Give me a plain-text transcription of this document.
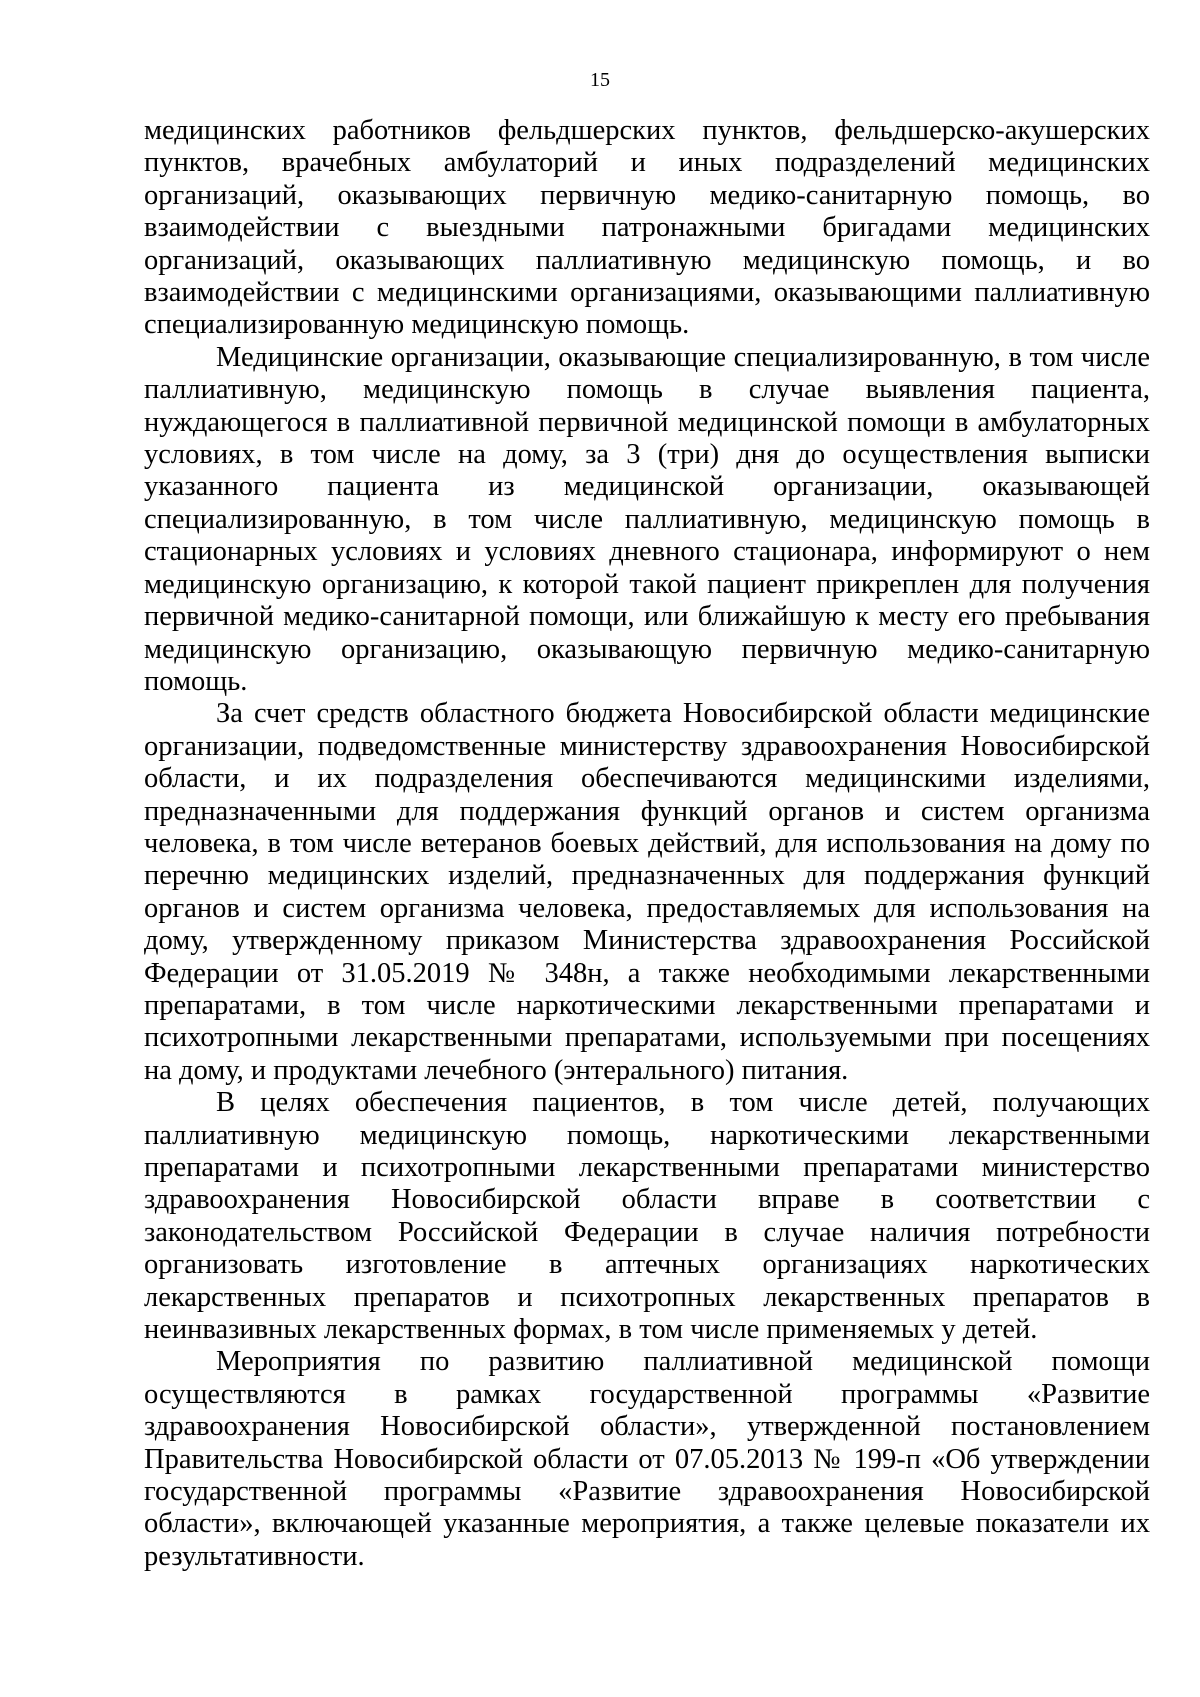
15

медицинских работников фельдшерских пунктов, фельдшерско-акушерских пунктов, врачебных амбулаторий и иных подразделений медицинских организаций, оказывающих первичную медико-санитарную помощь, во взаимодействии с выездными патронажными бригадами медицинских организаций, оказывающих паллиативную медицинскую помощь, и во взаимодействии с медицинскими организациями, оказывающими паллиативную специализированную медицинскую помощь.

Медицинские организации, оказывающие специализированную, в том числе паллиативную, медицинскую помощь в случае выявления пациента, нуждающегося в паллиативной первичной медицинской помощи в амбулаторных условиях, в том числе на дому, за 3 (три) дня до осуществления выписки указанного пациента из медицинской организации, оказывающей специализированную, в том числе паллиативную, медицинскую помощь в стационарных условиях и условиях дневного стационара, информируют о нем медицинскую организацию, к которой такой пациент прикреплен для получения первичной медико-санитарной помощи, или ближайшую к месту его пребывания медицинскую организацию, оказывающую первичную медико-санитарную помощь.

За счет средств областного бюджета Новосибирской области медицинские организации, подведомственные министерству здравоохранения Новосибирской области, и их подразделения обеспечиваются медицинскими изделиями, предназначенными для поддержания функций органов и систем организма человека, в том числе ветеранов боевых действий, для использования на дому по перечню медицинских изделий, предназначенных для поддержания функций органов и систем организма человека, предоставляемых для использования на дому, утвержденному приказом Министерства здравоохранения Российской Федерации от 31.05.2019 № 348н, а также необходимыми лекарственными препаратами, в том числе наркотическими лекарственными препаратами и психотропными лекарственными препаратами, используемыми при посещениях на дому, и продуктами лечебного (энтерального) питания.

В целях обеспечения пациентов, в том числе детей, получающих паллиативную медицинскую помощь, наркотическими лекарственными препаратами и психотропными лекарственными препаратами министерство здравоохранения Новосибирской области вправе в соответствии с законодательством Российской Федерации в случае наличия потребности организовать изготовление в аптечных организациях наркотических лекарственных препаратов и психотропных лекарственных препаратов в неинвазивных лекарственных формах, в том числе применяемых у детей.

Мероприятия по развитию паллиативной медицинской помощи осуществляются в рамках государственной программы «Развитие здравоохранения Новосибирской области», утвержденной постановлением Правительства Новосибирской области от 07.05.2013 № 199-п «Об утверждении государственной программы «Развитие здравоохранения Новосибирской области», включающей указанные мероприятия, а также целевые показатели их результативности.
